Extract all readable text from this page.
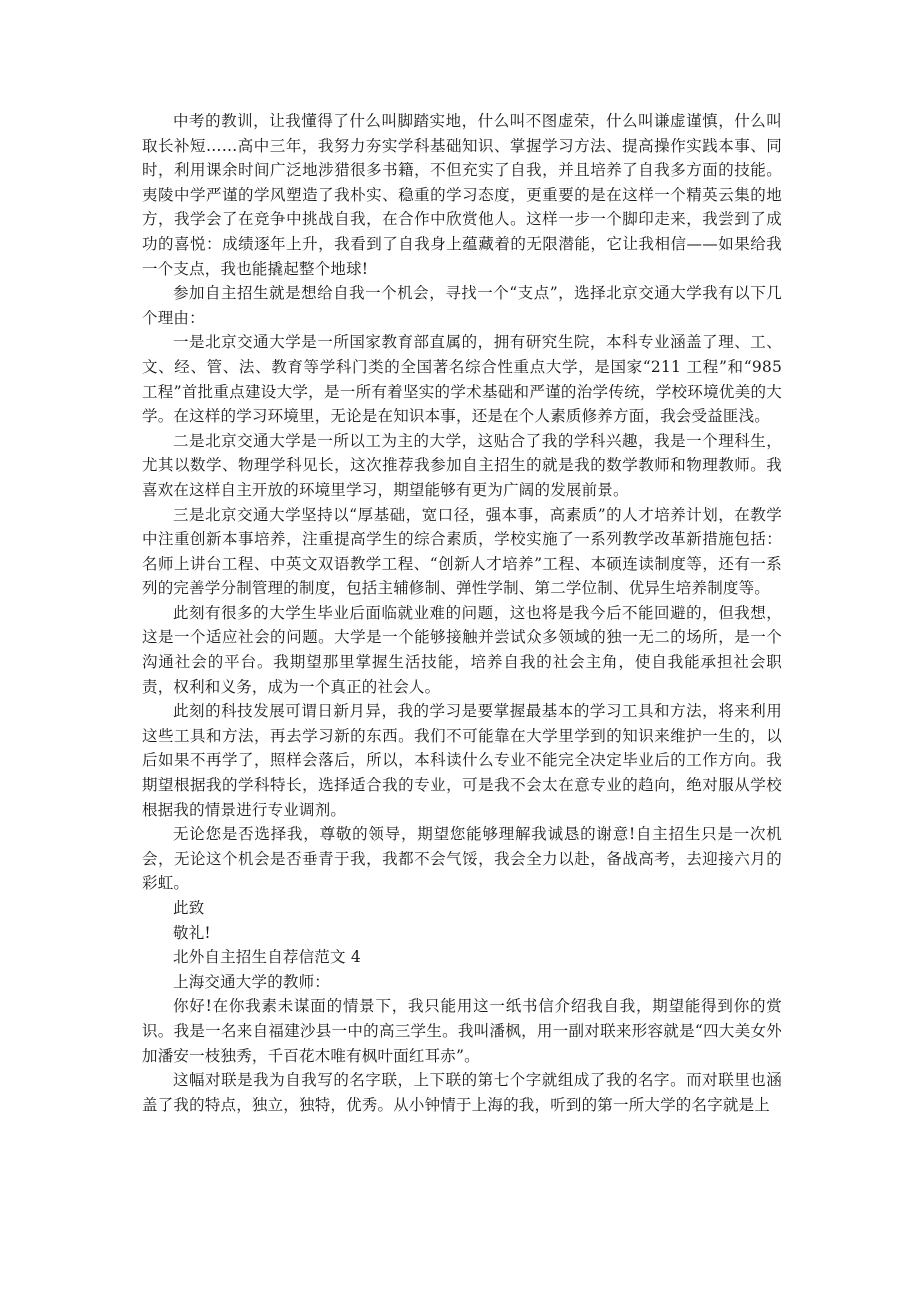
中考的教训，让我懂得了什么叫脚踏实地，什么叫不图虚荣，什么叫谦虚谨慎，什么叫取长补短……高中三年，我努力夯实学科基础知识、掌握学习方法、提高操作实践本事、同时，利用课余时间广泛地涉猎很多书籍，不但充实了自我，并且培养了自我多方面的技能。夷陵中学严谨的学风塑造了我朴实、稳重的学习态度，更重要的是在这样一个精英云集的地方，我学会了在竞争中挑战自我，在合作中欣赏他人。这样一步一个脚印走来，我尝到了成功的喜悦：成绩逐年上升，我看到了自我身上蕴藏着的无限潜能，它让我相信——如果给我一个支点，我也能撬起整个地球!

参加自主招生就是想给自我一个机会，寻找一个“支点”，选择北京交通大学我有以下几个理由：

一是北京交通大学是一所国家教育部直属的，拥有研究生院，本科专业涵盖了理、工、文、经、管、法、教育等学科门类的全国著名综合性重点大学，是国家“211 工程”和“985 工程”首批重点建设大学，是一所有着坚实的学术基础和严谨的治学传统，学校环境优美的大学。在这样的学习环境里，无论是在知识本事，还是在个人素质修养方面，我会受益匪浅。

二是北京交通大学是一所以工为主的大学，这贴合了我的学科兴趣，我是一个理科生，尤其以数学、物理学科见长，这次推荐我参加自主招生的就是我的数学教师和物理教师。我喜欢在这样自主开放的环境里学习，期望能够有更为广阔的发展前景。

三是北京交通大学坚持以“厚基础，宽口径，强本事，高素质”的人才培养计划，在教学中注重创新本事培养，注重提高学生的综合素质，学校实施了一系列教学改革新措施包括：名师上讲台工程、中英文双语教学工程、“创新人才培养”工程、本硕连读制度等，还有一系列的完善学分制管理的制度，包括主辅修制、弹性学制、第二学位制、优异生培养制度等。

此刻有很多的大学生毕业后面临就业难的问题，这也将是我今后不能回避的，但我想，这是一个适应社会的问题。大学是一个能够接触并尝试众多领域的独一无二的场所，是一个沟通社会的平台。我期望那里掌握生活技能，培养自我的社会主角，使自我能承担社会职责，权利和义务，成为一个真正的社会人。

此刻的科技发展可谓日新月异，我的学习是要掌握最基本的学习工具和方法，将来利用这些工具和方法，再去学习新的东西。我们不可能靠在大学里学到的知识来维护一生的，以后如果不再学了，照样会落后，所以，本科读什么专业不能完全决定毕业后的工作方向。我期望根据我的学科特长，选择适合我的专业，可是我不会太在意专业的趋向，绝对服从学校根据我的情景进行专业调剂。

无论您是否选择我，尊敬的领导，期望您能够理解我诚恳的谢意!自主招生只是一次机会，无论这个机会是否垂青于我，我都不会气馁，我会全力以赴，备战高考，去迎接六月的彩虹。

此致

敬礼!

北外自主招生自荐信范文 4

上海交通大学的教师：

你好!在你我素未谋面的情景下，我只能用这一纸书信介绍我自我，期望能得到你的赏识。我是一名来自福建沙县一中的高三学生。我叫潘枫，用一副对联来形容就是“四大美女外加潘安一枝独秀，千百花木唯有枫叶面红耳赤”。

这幅对联是我为自我写的名字联，上下联的第七个字就组成了我的名字。而对联里也涵盖了我的特点，独立，独特，优秀。从小钟情于上海的我，听到的第一所大学的名字就是上
